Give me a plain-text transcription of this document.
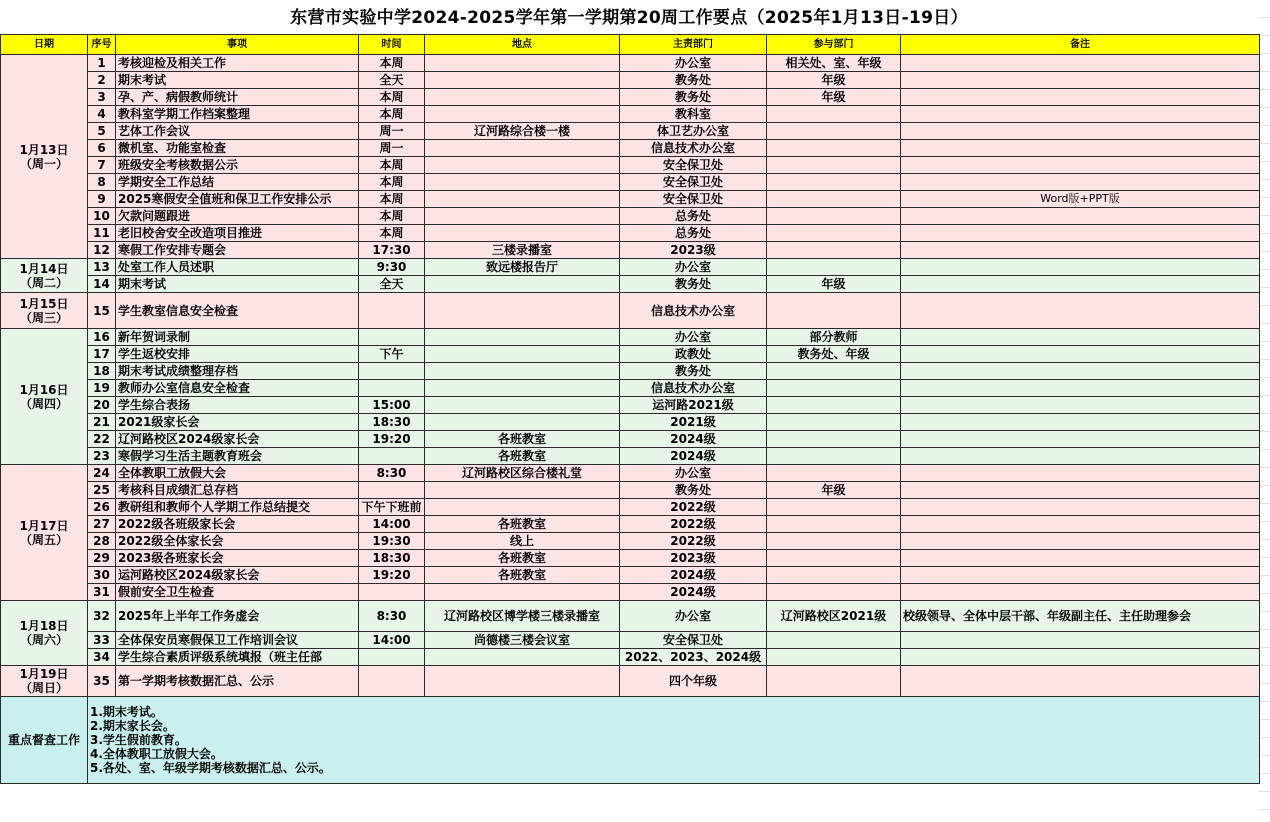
东营市实验中学2024-2025学年第一学期第20周工作要点（2025年1月13日-19日）
日期	序号	事项	时间	地点	主责部门	参与部门	备注
1月13日
（周一）	1	考核迎检及相关工作	本周		办公室	相关处、室、年级	
	2	期末考试	全天		教务处	年级	
	3	孕、产、病假教师统计	本周		教务处	年级	
	4	教科室学期工作档案整理	本周		教科室		
	5	艺体工作会议	周一	辽河路综合楼一楼	体卫艺办公室		
	6	微机室、功能室检查	周一		信息技术办公室		
	7	班级安全考核数据公示	本周		安全保卫处		
	8	学期安全工作总结	本周		安全保卫处		
	9	2025寒假安全值班和保卫工作安排公示	本周		安全保卫处		Word版+PPT版
	10	欠款问题跟进	本周		总务处		
	11	老旧校舍安全改造项目推进	本周		总务处		
	12	寒假工作安排专题会	17:30	三楼录播室	2023级		
1月14日
（周二）	13	处室工作人员述职	9:30	致远楼报告厅	办公室		
	14	期末考试	全天		教务处	年级	
1月15日
（周三）	15	学生教室信息安全检查			信息技术办公室		
1月16日
（周四）	16	新年贺词录制			办公室	部分教师	
	17	学生返校安排	下午		政教处	教务处、年级	
	18	期末考试成绩整理存档			教务处		
	19	教师办公室信息安全检查			信息技术办公室		
	20	学生综合表扬	15:00		运河路2021级		
	21	2021级家长会	18:30		2021级		
	22	辽河路校区2024级家长会	19:20	各班教室	2024级		
	23	寒假学习生活主题教育班会		各班教室	2024级		
1月17日
（周五）	24	全体教职工放假大会	8:30	辽河路校区综合楼礼堂	办公室		
	25	考核科目成绩汇总存档			教务处	年级	
	26	教研组和教师个人学期工作总结提交	下午下班前		2022级		
	27	2022级各班级家长会	14:00	各班教室	2022级		
	28	2022级全体家长会	19:30	线上	2022级		
	29	2023级各班家长会	18:30	各班教室	2023级		
	30	运河路校区2024级家长会	19:20	各班教室	2024级		
	31	假前安全卫生检查			2024级		
1月18日
（周六）	32	2025年上半年工作务虚会	8:30	辽河路校区博学楼三楼录播室	办公室	辽河路校区2021级	校级领导、全体中层干部、年级副主任、主任助理参会
	33	全体保安员寒假保卫工作培训会议	14:00	尚德楼三楼会议室	安全保卫处		
	34	学生综合素质评级系统填报（班主任部			2022、2023、2024级		
1月19日
（周日）	35	第一学期考核数据汇总、公示			四个年级		
重点督查工作	1.期末考试。
2.期末家长会。
3.学生假前教育。
4.全体教职工放假大会。
5.各处、室、年级学期考核数据汇总、公示。						
